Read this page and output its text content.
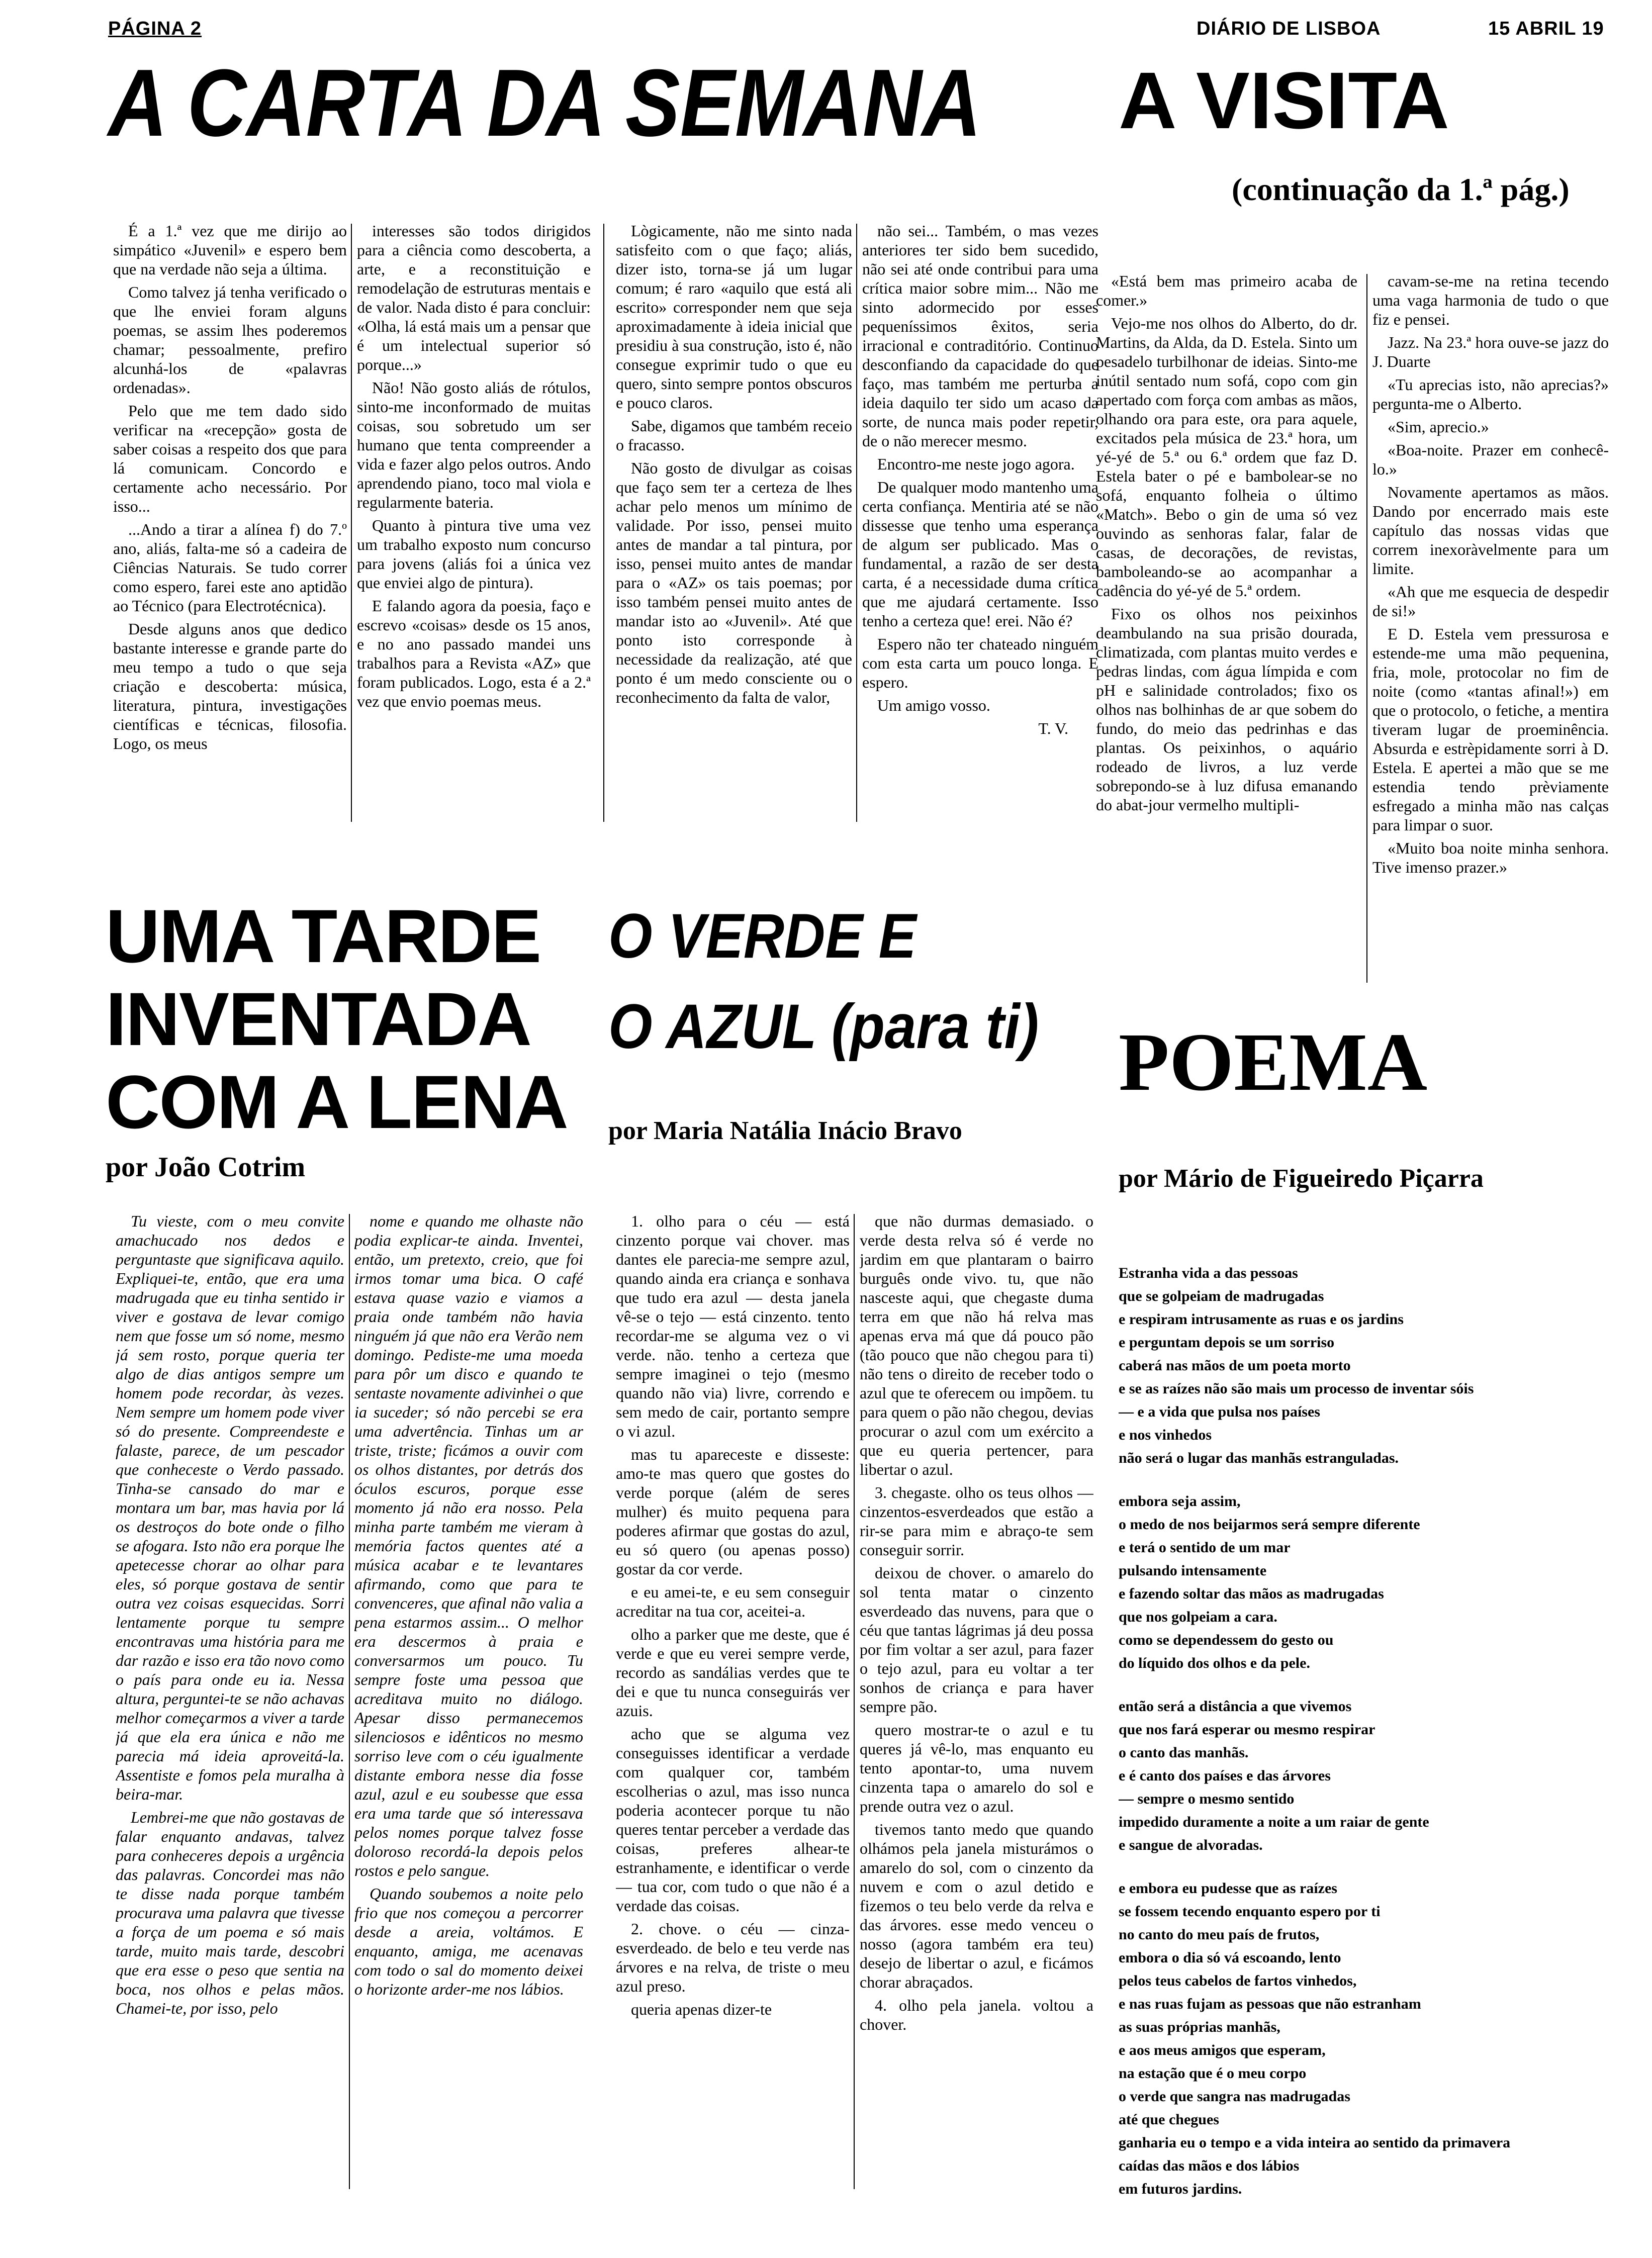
PÁGINA 2	DIÁRIO DE LISBOA	15 ABRIL 19
A CARTA DA SEMANA

É a 1.ª vez que me dirijo ao simpático «Juvenil» e espero bem que na verdade não seja a última.

Como talvez já tenha verificado o que lhe enviei foram alguns poemas, se assim lhes poderemos chamar; pessoalmente, prefiro alcunhá-los de «palavras ordenadas».

Pelo que me tem dado sido verificar na «recepção» gosta de saber coisas a respeito dos que para lá comunicam. Concordo e certamente acho necessário. Por isso...

...Ando a tirar a alínea f) do 7.º ano, aliás, falta-me só a cadeira de Ciências Naturais. Se tudo correr como espero, farei este ano aptidão ao Técnico (para Electrotécnica).

Desde alguns anos que dedico bastante interesse e grande parte do meu tempo a tudo o que seja criação e descoberta: música, literatura, pintura, investigações científicas e técnicas, filosofia. Logo, os meus

interesses são todos dirigidos para a ciência como descoberta, a arte, e a reconstituição e remodelação de estruturas mentais e de valor. Nada disto é para concluir: «Olha, lá está mais um a pensar que é um intelectual superior só porque...»

Não! Não gosto aliás de rótulos, sinto-me inconformado de muitas coisas, sou sobretudo um ser humano que tenta compreender a vida e fazer algo pelos outros. Ando aprendendo piano, toco mal viola e regularmente bateria.

Quanto à pintura tive uma vez um trabalho exposto num concurso para jovens (aliás foi a única vez que enviei algo de pintura).

E falando agora da poesia, faço e escrevo «coisas» desde os 15 anos, e no ano passado mandei uns trabalhos para a Revista «AZ» que foram publicados. Logo, esta é a 2.ª vez que envio poemas meus.

Lògicamente, não me sinto nada satisfeito com o que faço; aliás, dizer isto, torna-se já um lugar comum; é raro «aquilo que está ali escrito» corresponder nem que seja aproximadamente à ideia inicial que presidiu à sua construção, isto é, não consegue exprimir tudo o que eu quero, sinto sempre pontos obscuros e pouco claros.

Sabe, digamos que também receio o fracasso.

Não gosto de divulgar as coisas que faço sem ter a certeza de lhes achar pelo menos um mínimo de validade. Por isso, pensei muito antes de mandar a tal pintura, por isso, pensei muito antes de mandar para o «AZ» os tais poemas; por isso também pensei muito antes de mandar isto ao «Juvenil». Até que ponto isto corresponde à necessidade da realização, até que ponto é um medo consciente ou o reconhecimento da falta de valor,

não sei... Também, o mas vezes anteriores ter sido bem sucedido, não sei até onde contribui para uma crítica maior sobre mim... Não me sinto adormecido por esses pequeníssimos êxitos, seria irracional e contraditório. Continuo desconfiando da capacidade do que faço, mas também me perturba a ideia daquilo ter sido um acaso da sorte, de nunca mais poder repetir, de o não merecer mesmo.

Encontro-me neste jogo agora.

De qualquer modo mantenho uma certa confiança. Mentiria até se não dissesse que tenho uma esperança de algum ser publicado. Mas o fundamental, a razão de ser desta carta, é a necessidade duma crítica que me ajudará certamente. Isso tenho a certeza que! erei. Não é?

Espero não ter chateado ninguém com esta carta um pouco longa. E espero.

Um amigo vosso.

T. V.
A VISITA
(continuação da 1.ª pág.)

«Está bem mas primeiro acaba de comer.»

Vejo-me nos olhos do Alberto, do dr. Martins, da Alda, da D. Estela. Sinto um pesadelo turbilhonar de ideias. Sinto-me inútil sentado num sofá, copo com gin apertado com força com ambas as mãos, olhando ora para este, ora para aquele, excitados pela música de 23.ª hora, um yé-yé de 5.ª ou 6.ª ordem que faz D. Estela bater o pé e bambolear-se no sofá, enquanto folheia o último «Match». Bebo o gin de uma só vez ouvindo as senhoras falar, falar de casas, de decorações, de revistas, bamboleando-se ao acompanhar a cadência do yé-yé de 5.ª ordem.

Fixo os olhos nos peixinhos deambulando na sua prisão dourada, climatizada, com plantas muito verdes e pedras lindas, com água límpida e com pH e salinidade controlados; fixo os olhos nas bolhinhas de ar que sobem do fundo, do meio das pedrinhas e das plantas. Os peixinhos, o aquário rodeado de livros, a luz verde sobrepondo-se à luz difusa emanando do abat-jour vermelho multipli-

cavam-se-me na retina tecendo uma vaga harmonia de tudo o que fiz e pensei.

Jazz. Na 23.ª hora ouve-se jazz do J. Duarte

«Tu aprecias isto, não aprecias?» pergunta-me o Alberto.

«Sim, aprecio.»

«Boa-noite. Prazer em conhecê-lo.»

Novamente apertamos as mãos. Dando por encerrado mais este capítulo das nossas vidas que correm inexoràvelmente para um limite.

«Ah que me esquecia de despedir de si!»

E D. Estela vem pressurosa e estende-me uma mão pequenina, fria, mole, protocolar no fim de noite (como «tantas afinal!») em que o protocolo, o fetiche, a mentira tiveram lugar de proeminência. Absurda e estrèpidamente sorri à D. Estela. E apertei a mão que se me estendia tendo prèviamente esfregado a minha mão nas calças para limpar o suor.

«Muito boa noite minha senhora. Tive imenso prazer.»

UMA TARDE
INVENTADA
COM A LENA
por João Cotrim

Tu vieste, com o meu convite amachucado nos dedos e perguntaste que significava aquilo. Expliquei-te, então, que era uma madrugada que eu tinha sentido ir viver e gostava de levar comigo nem que fosse um só nome, mesmo já sem rosto, porque queria ter algo de dias antigos sempre um homem pode recordar, às vezes. Nem sempre um homem pode viver só do presente. Compreendeste e falaste, parece, de um pescador que conheceste o Verdo passado. Tinha-se cansado do mar e montara um bar, mas havia por lá os destroços do bote onde o filho se afogara. Isto não era porque lhe apetecesse chorar ao olhar para eles, só porque gostava de sentir outra vez coisas esquecidas. Sorri lentamente porque tu sempre encontravas uma história para me dar razão e isso era tão novo como o país para onde eu ia. Nessa altura, perguntei-te se não achavas melhor começarmos a viver a tarde já que ela era única e não me parecia má ideia aproveitá-la. Assentiste e fomos pela muralha à beira-mar.

Lembrei-me que não gostavas de falar enquanto andavas, talvez para conheceres depois a urgência das palavras. Concordei mas não te disse nada porque também procurava uma palavra que tivesse a força de um poema e só mais tarde, muito mais tarde, descobri que era esse o peso que sentia na boca, nos olhos e pelas mãos. Chamei-te, por isso, pelo

nome e quando me olhaste não podia explicar-te ainda. Inventei, então, um pretexto, creio, que foi irmos tomar uma bica. O café estava quase vazio e viamos a praia onde também não havia ninguém já que não era Verão nem domingo. Pediste-me uma moeda para pôr um disco e quando te sentaste novamente adivinhei o que ia suceder; só não percebi se era uma advertência. Tinhas um ar triste, triste; ficámos a ouvir com os olhos distantes, por detrás dos óculos escuros, porque esse momento já não era nosso. Pela minha parte também me vieram à memória factos quentes até a música acabar e te levantares afirmando, como que para te convenceres, que afinal não valia a pena estarmos assim... O melhor era descermos à praia e conversarmos um pouco. Tu sempre foste uma pessoa que acreditava muito no diálogo. Apesar disso permanecemos silenciosos e idênticos no mesmo sorriso leve com o céu igualmente distante embora nesse dia fosse azul, azul e eu soubesse que essa era uma tarde que só interessava pelos nomes porque talvez fosse doloroso recordá-la depois pelos rostos e pelo sangue.

Quando soubemos a noite pelo frio que nos começou a percorrer desde a areia, voltámos. E enquanto, amiga, me acenavas com todo o sal do momento deixei o horizonte arder-me nos lábios.

O VERDE E
O AZUL (para ti)
por Maria Natália Inácio Bravo

1. olho para o céu — está cinzento porque vai chover. mas dantes ele parecia-me sempre azul, quando ainda era criança e sonhava que tudo era azul — desta janela vê-se o tejo — está cinzento. tento recordar-me se alguma vez o vi verde. não. tenho a certeza que sempre imaginei o tejo (mesmo quando não via) livre, correndo e sem medo de cair, portanto sempre o vi azul.

mas tu apareceste e disseste: amo-te mas quero que gostes do verde porque (além de seres mulher) és muito pequena para poderes afirmar que gostas do azul, eu só quero (ou apenas posso) gostar da cor verde.

e eu amei-te, e eu sem conseguir acreditar na tua cor, aceitei-a.

olho a parker que me deste, que é verde e que eu verei sempre verde, recordo as sandálias verdes que te dei e que tu nunca conseguirás ver azuis.

acho que se alguma vez conseguisses identificar a verdade com qualquer cor, também escolherias o azul, mas isso nunca poderia acontecer porque tu não queres tentar perceber a verdade das coisas, preferes alhear-te estranhamente, e identificar o verde — tua cor, com tudo o que não é a verdade das coisas.

2. chove. o céu — cinza-esverdeado. de belo e teu verde nas árvores e na relva, de triste o meu azul preso.

queria apenas dizer-te

que não durmas demasiado. o verde desta relva só é verde no jardim em que plantaram o bairro burguês onde vivo. tu, que não nasceste aqui, que chegaste duma terra em que não há relva mas apenas erva má que dá pouco pão (tão pouco que não chegou para ti) não tens o direito de receber todo o azul que te oferecem ou impõem. tu para quem o pão não chegou, devias procurar o azul com um exército a que eu queria pertencer, para libertar o azul.

3. chegaste. olho os teus olhos — cinzentos-esverdeados que estão a rir-se para mim e abraço-te sem conseguir sorrir.

deixou de chover. o amarelo do sol tenta matar o cinzento esverdeado das nuvens, para que o céu que tantas lágrimas já deu possa por fim voltar a ser azul, para fazer o tejo azul, para eu voltar a ter sonhos de criança e para haver sempre pão.

quero mostrar-te o azul e tu queres já vê-lo, mas enquanto eu tento apontar-to, uma nuvem cinzenta tapa o amarelo do sol e prende outra vez o azul.

tivemos tanto medo que quando olhámos pela janela misturámos o amarelo do sol, com o cinzento da nuvem e com o azul detido e fizemos o teu belo verde da relva e das árvores. esse medo venceu o nosso (agora também era teu) desejo de libertar o azul, e ficámos chorar abraçados.

4. olho pela janela. voltou a chover.

POEMA
por Mário de Figueiredo Piçarra
Estranha vida a das pessoas
que se golpeiam de madrugadas
e respiram intrusamente as ruas e os jardins
e perguntam depois se um sorriso
caberá nas mãos de um poeta morto
e se as raízes não são mais um processo de inventar sóis
— e a vida que pulsa nos países
e nos vinhedos
não será o lugar das manhãs estranguladas.
embora seja assim,
o medo de nos beijarmos será sempre diferente
e terá o sentido de um mar
pulsando intensamente
e fazendo soltar das mãos as madrugadas
que nos golpeiam a cara.
como se dependessem do gesto ou
do líquido dos olhos e da pele.
então será a distância a que vivemos
que nos fará esperar ou mesmo respirar
o canto das manhãs.
e é canto dos países e das árvores
— sempre o mesmo sentido
impedido duramente a noite a um raiar de gente
e sangue de alvoradas.
e embora eu pudesse que as raízes
se fossem tecendo enquanto espero por ti
no canto do meu país de frutos,
embora o dia só vá escoando, lento
pelos teus cabelos de fartos vinhedos,
e nas ruas fujam as pessoas que não estranham
as suas próprias manhãs,
e aos meus amigos que esperam,
na estação que é o meu corpo
o verde que sangra nas madrugadas
até que chegues
ganharia eu o tempo e a vida inteira ao sentido da primavera
caídas das mãos e dos lábios
em futuros jardins.
